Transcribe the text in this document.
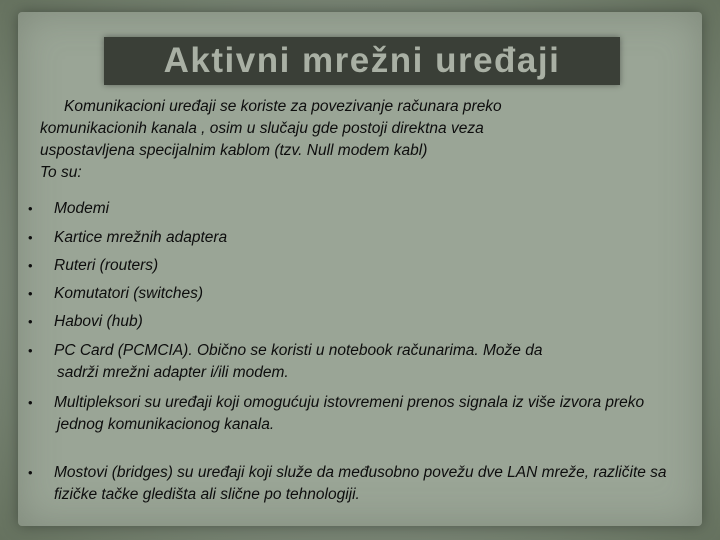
Aktivni mrežni uređaji
Komunikacioni uređaji se koriste za povezivanje računara preko
komunikacionih kanala , osim u slučaju gde postoji direktna veza
uspostavljena specijalnim kablom (tzv. Null modem kabl)
To su:
• Modemi
• Kartice mrežnih adaptera
• Ruteri (routers)
• Komutatori (switches)
• Habovi (hub)
• PC Card (PCMCIA). Obično se koristi u notebook računarima. Može da
sadrži mrežni adapter i/ili modem.
• Multipleksori su uređaji koji omogućuju istovremeni prenos signala iz više izvora preko
jednog komunikacionog kanala.
• Mostovi (bridges) su uređaji koji služe da međusobno povežu dve LAN mreže, različite sa fizičke tačke gledišta ali slične po tehnologiji.
